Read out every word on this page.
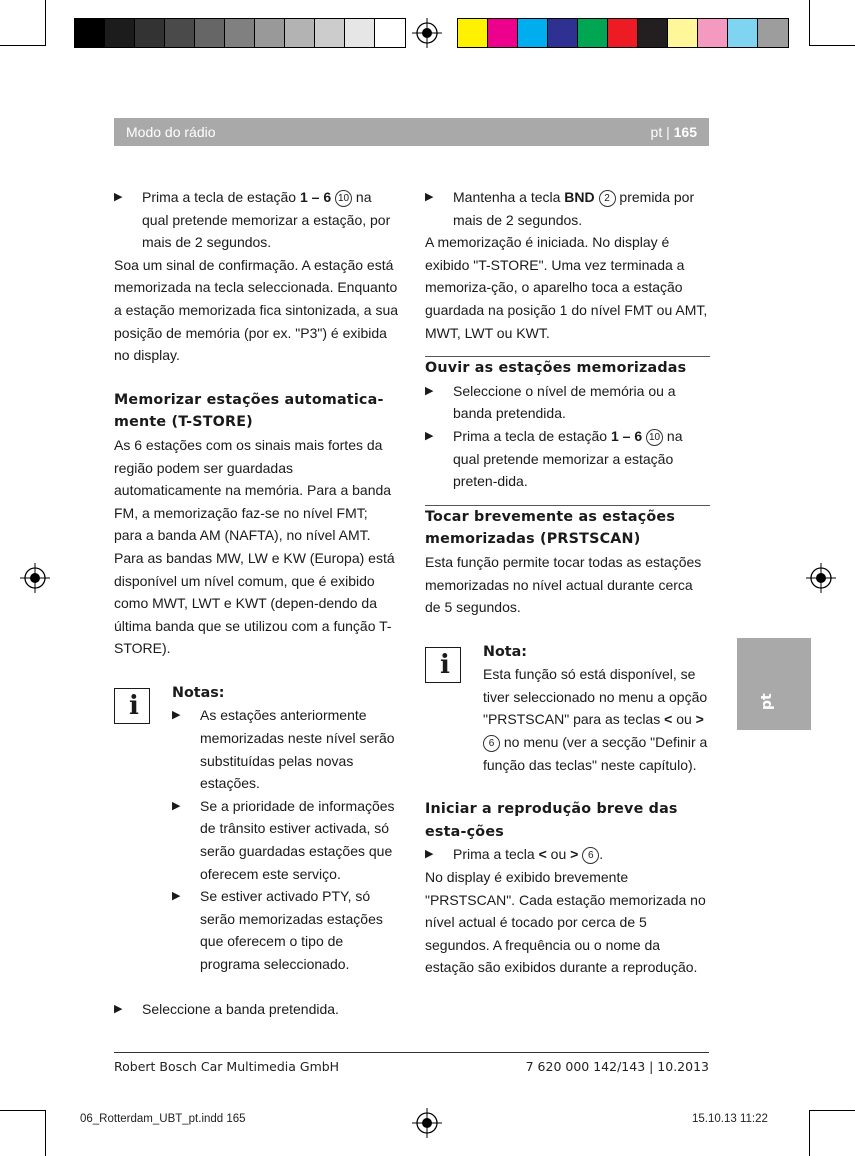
Modo do rádio	pt | 165
▶ Prima a tecla de estação 1 – 6 10 na qual pretende memorizar a estação, por mais de 2 segundos.

Soa um sinal de confirmação. A estação está memorizada na tecla seleccionada. Enquanto a estação memorizada fica sintonizada, a sua posição de memória (por ex. "P3") é exibida no display.

Memorizar estações automatica-mente (T-STORE)

As 6 estações com os sinais mais fortes da região podem ser guardadas automaticamente na memória. Para a banda FM, a memorização faz-se no nível FMT; para a banda AM (NAFTA), no nível AMT. Para as bandas MW, LW e KW (Europa) está disponível um nível comum, que é exibido como MWT, LWT e KWT (depen-dendo da última banda que se utilizou com a função T-STORE).

i Notas:
▶ As estações anteriormente memorizadas neste nível serão substituídas pelas novas estações.
▶ Se a prioridade de informações de trânsito estiver activada, só serão guardadas estações que oferecem este serviço.
▶ Se estiver activado PTY, só serão memorizadas estações que oferecem o tipo de programa seleccionado.
▶ Seleccione a banda pretendida.
▶ Mantenha a tecla BND 2 premida por mais de 2 segundos.

A memorização é iniciada. No display é exibido "T-STORE". Uma vez terminada a memoriza-ção, o aparelho toca a estação guardada na posição 1 do nível FMT ou AMT, MWT, LWT ou KWT.

Ouvir as estações memorizadas
▶ Seleccione o nível de memória ou a banda pretendida.
▶ Prima a tecla de estação 1 – 6 10 na qual pretende memorizar a estação preten-dida.
Tocar brevemente as estações memorizadas (PRSTSCAN)

Esta função permite tocar todas as estações memorizadas no nível actual durante cerca de 5 segundos.

i Nota:

Esta função só está disponível, se tiver seleccionado no menu a opção "PRSTSCAN" para as teclas < ou > 6 no menu (ver a secção "Definir a função das teclas" neste capítulo).

Iniciar a reprodução breve das esta-ções
▶ Prima a tecla < ou > 6 .

No display é exibido brevemente "PRSTSCAN". Cada estação memorizada no nível actual é tocado por cerca de 5 segundos. A frequência ou o nome da estação são exibidos durante a reprodução.

pt
Robert Bosch Car Multimedia GmbH	7 620 000 142/143 | 10.2013
06_Rotterdam_UBT_pt.indd 165	15.10.13 11:22
